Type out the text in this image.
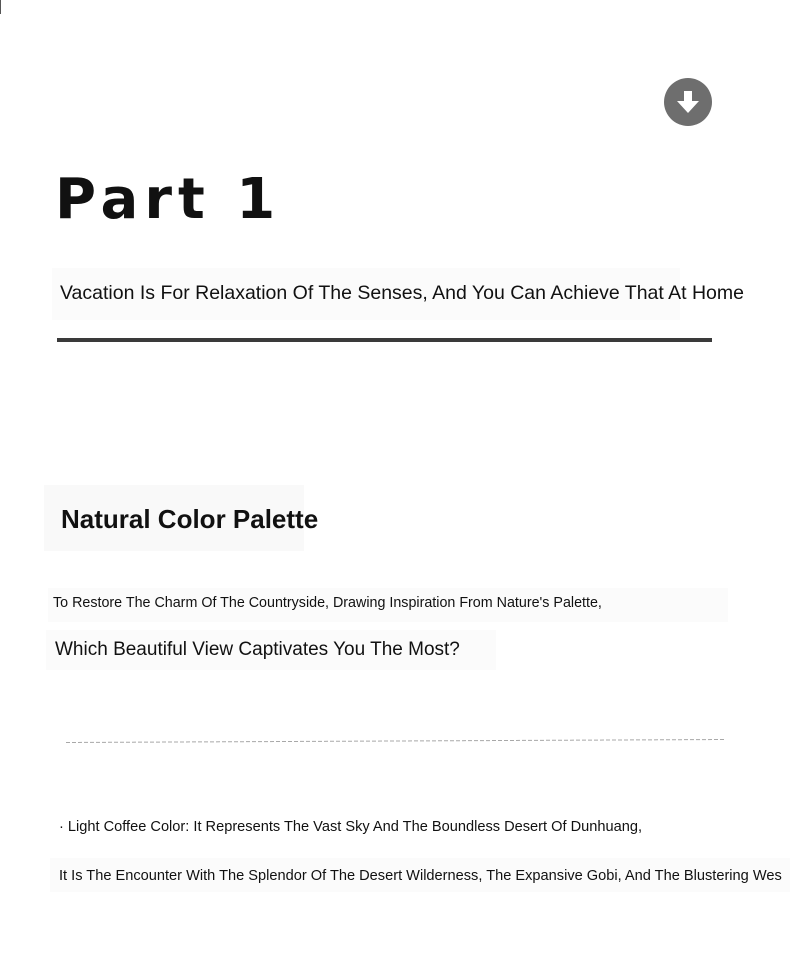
Part 1

Vacation Is For Relaxation Of The Senses, And You Can Achieve That At Home

Natural Color Palette

To Restore The Charm Of The Countryside, Drawing Inspiration From Nature's Palette,

Which Beautiful View Captivates You The Most?

· Light Coffee Color: It Represents The Vast Sky And The Boundless Desert Of Dunhuang,

It Is The Encounter With The Splendor Of The Desert Wilderness, The Expansive Gobi, And The Blustering Wes
